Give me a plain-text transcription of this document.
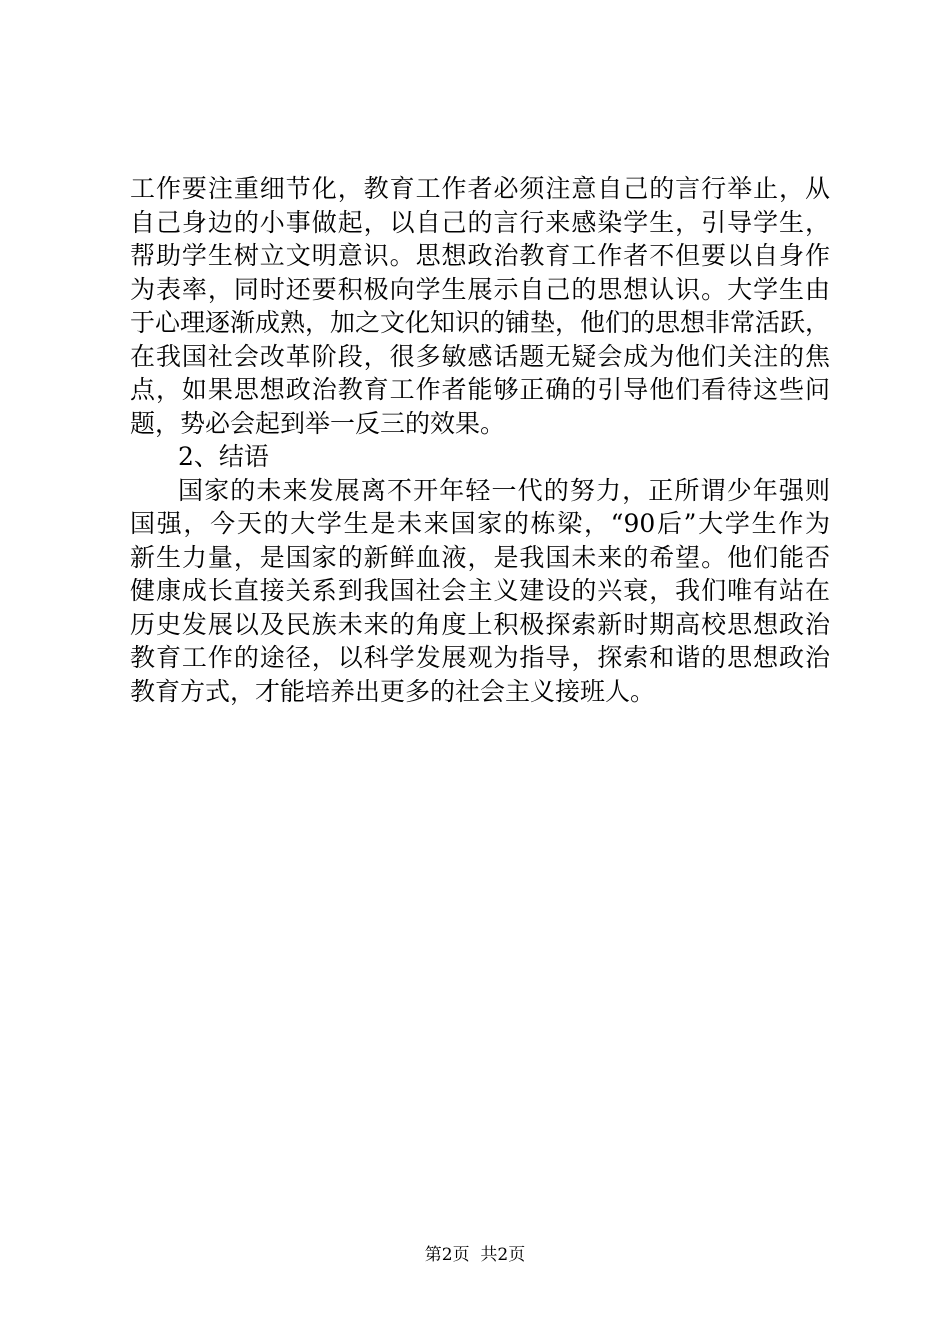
工作要注重细节化，教育工作者必须注意自己的言行举止，从
自己身边的小事做起，以自己的言行来感染学生，引导学生，
帮助学生树立文明意识。思想政治教育工作者不但要以自身作
为表率，同时还要积极向学生展示自己的思想认识。大学生由
于心理逐渐成熟，加之文化知识的铺垫，他们的思想非常活跃，
在我国社会改革阶段，很多敏感话题无疑会成为他们关注的焦
点，如果思想政治教育工作者能够正确的引导他们看待这些问
题，势必会起到举一反三的效果。
2、结语
国家的未来发展离不开年轻一代的努力，正所谓少年强则
国强，今天的大学生是未来国家的栋梁，“90后”大学生作为
新生力量，是国家的新鲜血液，是我国未来的希望。他们能否
健康成长直接关系到我国社会主义建设的兴衰，我们唯有站在
历史发展以及民族未来的角度上积极探索新时期高校思想政治
教育工作的途径，以科学发展观为指导，探索和谐的思想政治
教育方式，才能培养出更多的社会主义接班人。
第2页  共2页
